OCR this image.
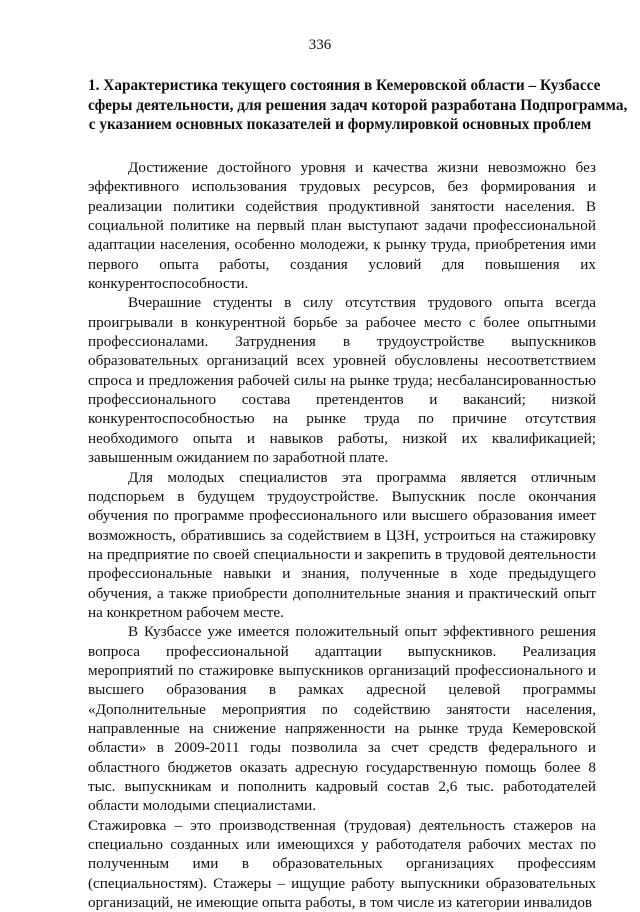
336
1. Характеристика текущего состояния в Кемеровской области – Кузбассе
сферы деятельности, для решения задач которой разработана Подпрограмма,
с указанием основных показателей и формулировкой основных проблем

Достижение достойного уровня и качества жизни невозможно без эффективного использования трудовых ресурсов, без формирования и реализации политики содействия продуктивной занятости населения. В социальной политике на первый план выступают задачи профессиональной адаптации населения, особенно молодежи, к рынку труда, приобретения ими первого опыта работы, создания условий для повышения их конкурентоспособности.

Вчерашние студенты в силу отсутствия трудового опыта всегда проигрывали в конкурентной борьбе за рабочее место с более опытными профессионалами. Затруднения в трудоустройстве выпускников образовательных организаций всех уровней обусловлены несоответствием спроса и предложения рабочей силы на рынке труда; несбалансированностью профессионального состава претендентов и вакансий; низкой конкурентоспособностью на рынке труда по причине отсутствия необходимого опыта и навыков работы, низкой их квалификацией; завышенным ожиданием по заработной плате.

Для молодых специалистов эта программа является отличным подспорьем в будущем трудоустройстве. Выпускник после окончания обучения по программе профессионального или высшего образования имеет возможность, обратившись за содействием в ЦЗН, устроиться на стажировку на предприятие по своей специальности и закрепить в трудовой деятельности профессиональные навыки и знания, полученные в ходе предыдущего обучения, а также приобрести дополнительные знания и практический опыт на конкретном рабочем месте.

В Кузбассе уже имеется положительный опыт эффективного решения вопроса профессиональной адаптации выпускников. Реализация мероприятий по стажировке выпускников организаций профессионального и высшего образования в рамках адресной целевой программы «Дополнительные мероприятия по содействию занятости населения, направленные на снижение напряженности на рынке труда Кемеровской области» в 2009-2011 годы позволила за счет средств федерального и областного бюджетов оказать адресную государственную помощь более 8 тыс. выпускникам и пополнить кадровый состав 2,6 тыс. работодателей области молодыми специалистами.

Стажировка – это производственная (трудовая) деятельность стажеров на специально созданных или имеющихся у работодателя рабочих местах по полученным ими в образовательных организациях профессиям (специальностям). Стажеры – ищущие работу выпускники образовательных организаций, не имеющие опыта работы, в том числе из категории инвалидов
